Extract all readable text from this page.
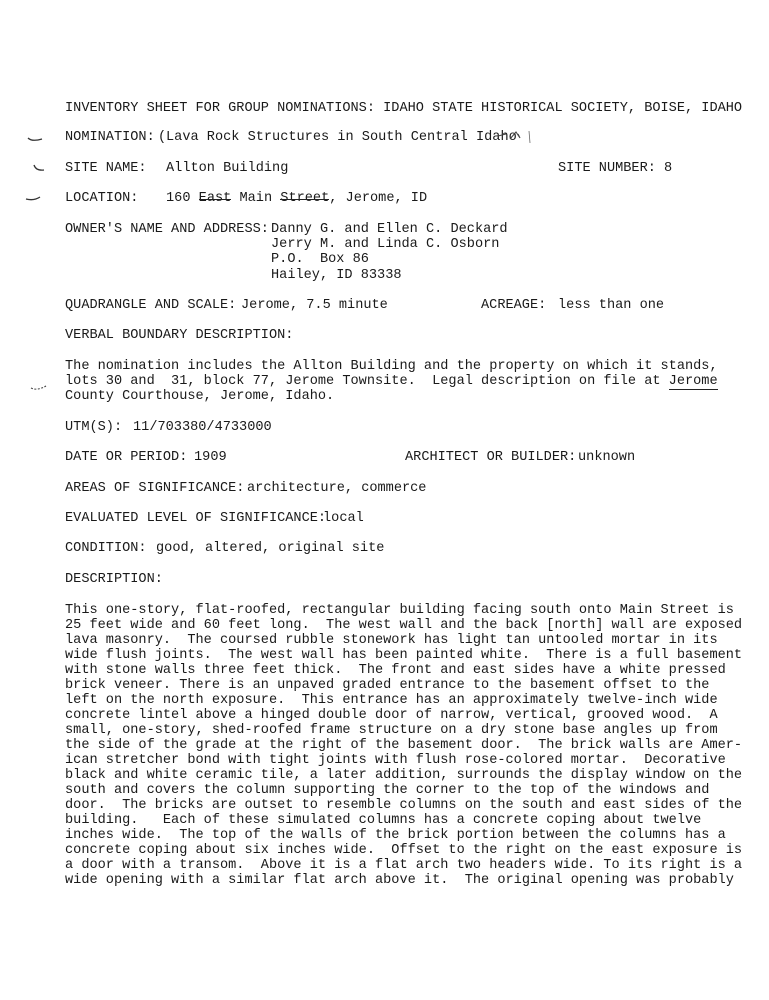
INVENTORY SHEET FOR GROUP NOMINATIONS: IDAHO STATE HISTORICAL SOCIETY, BOISE, IDAHO
NOMINATION: ( Lava Rock Structures in South Central Idaho
SITE NAME: Allton Building	SITE NUMBER: 8
LOCATION: 160 East Main Street, Jerome, ID
OWNER'S NAME AND ADDRESS: Danny G. and Ellen C. Deckard
Jerry M. and Linda C. Osborn
P.O.  Box 86
Hailey, ID 83338
QUADRANGLE AND SCALE: Jerome, 7.5 minute	ACREAGE: less than one
VERBAL BOUNDARY DESCRIPTION:
The nomination includes the Allton Building and the property on which it stands,
lots 30 and  31, block 77, Jerome Townsite.  Legal description on file at Jerome
County Courthouse, Jerome, Idaho.
UTM(S): 11/703380/4733000
DATE OR PERIOD: 1909	ARCHITECT OR BUILDER: unknown
AREAS OF SIGNIFICANCE: architecture, commerce
EVALUATED LEVEL OF SIGNIFICANCE:
local
CONDITION: good, altered, original site
DESCRIPTION:
This one-story, flat-roofed, rectangular building facing south onto Main Street is
25 feet wide and 60 feet long.  The west wall and the back [north] wall are exposed
lava masonry.  The coursed rubble stonework has light tan untooled mortar in its
wide flush joints.  The west wall has been painted white.  There is a full basement
with stone walls three feet thick.  The front and east sides have a white pressed
brick veneer. There is an unpaved graded entrance to the basement offset to the
left on the north exposure.  This entrance has an approximately twelve-inch wide
concrete lintel above a hinged double door of narrow, vertical, grooved wood.  A
small, one-story, shed-roofed frame structure on a dry stone base angles up from
the side of the grade at the right of the basement door.  The brick walls are Amer-
ican stretcher bond with tight joints with flush rose-colored mortar.  Decorative
black and white ceramic tile, a later addition, surrounds the display window on the
south and covers the column supporting the corner to the top of the windows and
door.  The bricks are outset to resemble columns on the south and east sides of the
building.   Each of these simulated columns has a concrete coping about twelve
inches wide.  The top of the walls of the brick portion between the columns has a
concrete coping about six inches wide.  Offset to the right on the east exposure is
a door with a transom.  Above it is a flat arch two headers wide. To its right is a
wide opening with a similar flat arch above it.  The original opening was probably
